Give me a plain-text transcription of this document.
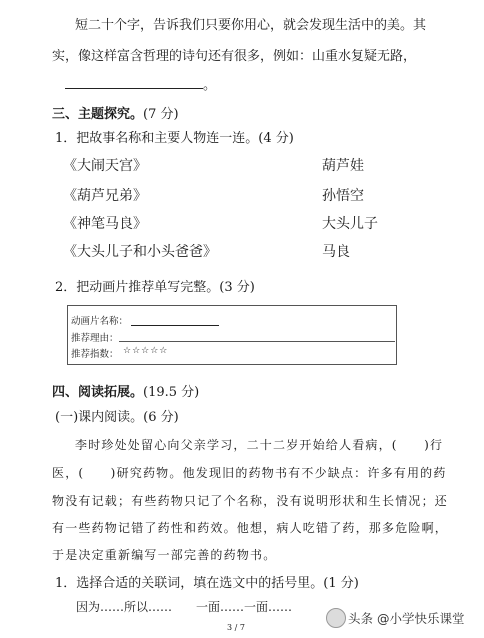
短二十个字，告诉我们只要你用心，就会发现生活中的美。其
实，像这样富含哲理的诗句还有很多，例如：山重水复疑无路，
。
三、主题探究。(7 分)
1．把故事名称和主要人物连一连。(4 分)
《大闹天宫》
《葫芦兄弟》
《神笔马良》
《大头儿子和小头爸爸》
葫芦娃
孙悟空
大头儿子
马良
2．把动画片推荐单写完整。(3 分)
动画片名称：
推荐理由：
推荐指数： ☆☆☆☆☆
四、阅读拓展。(19.5 分)
(一)课内阅读。(6 分)
李时珍处处留心向父亲学习，二十二岁开始给人看病，(　　)行
医，(　　)研究药物。他发现旧的药物书有不少缺点：许多有用的药
物没有记载；有些药物只记了个名称，没有说明形状和生长情况；还
有一些药物记错了药性和药效。他想，病人吃错了药，那多危险啊，
于是决定重新编写一部完善的药物书。
1．选择合适的关联词，填在选文中的括号里。(1 分)
因为……所以…… 一面……一面……
3 / 7
头条 @小学快乐课堂
